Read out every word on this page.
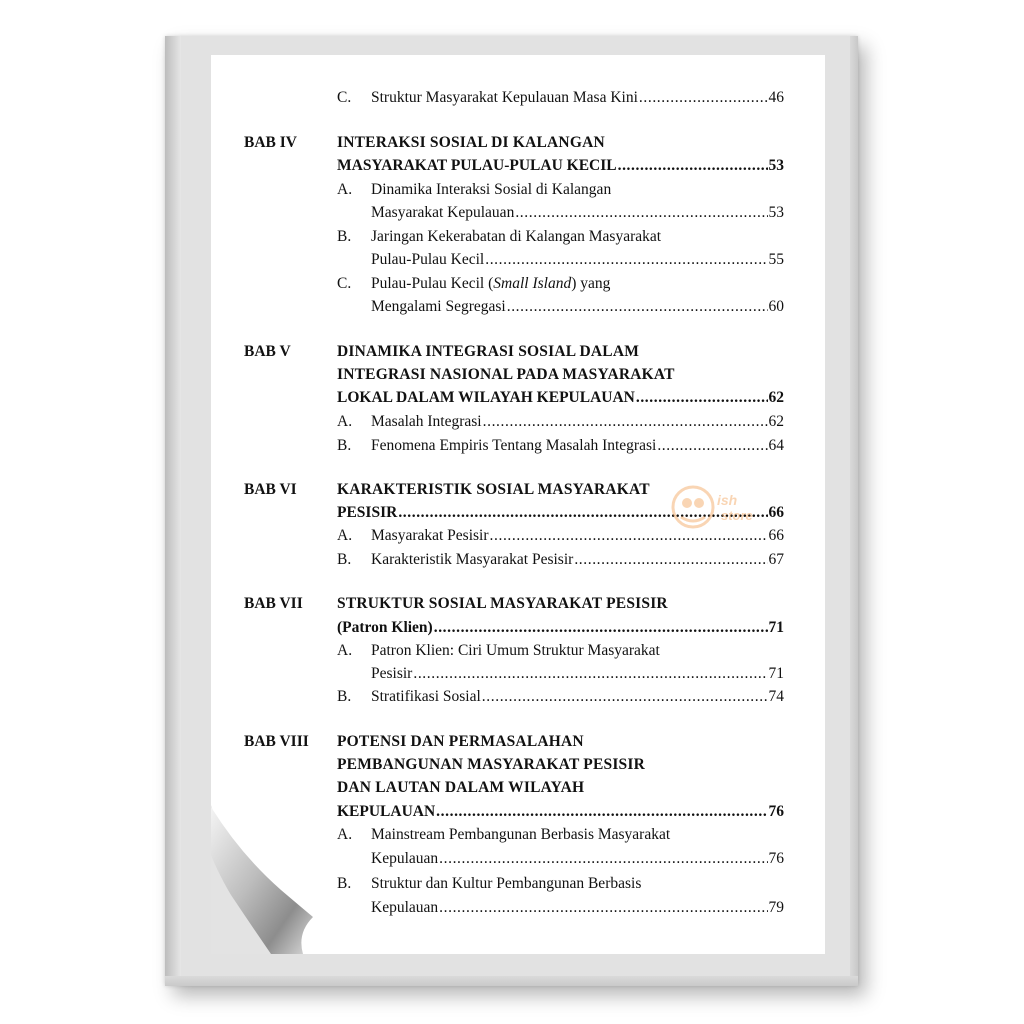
C.	Struktur Masyarakat Kepulauan Masa Kini .....	46
BAB IV	INTERAKSI SOSIAL DI KALANGAN
MASYARAKAT PULAU-PULAU KECIL .....	53
A.	Dinamika Interaksi Sosial di Kalangan
Masyarakat Kepulauan .....	53
B.	Jaringan Kekerabatan di Kalangan Masyarakat
Pulau-Pulau Kecil .....	55
C.	Pulau-Pulau Kecil (Small Island) yang
Mengalami Segregasi .....	60
BAB V	DINAMIKA INTEGRASI SOSIAL DALAM
INTEGRASI NASIONAL PADA MASYARAKAT
LOKAL DALAM WILAYAH KEPULAUAN .....	62
A.	Masalah Integrasi .....	62
B.	Fenomena Empiris Tentang Masalah Integrasi .....	64
BAB VI	KARAKTERISTIK SOSIAL MASYARAKAT
PESISIR .....	66
A.	Masyarakat Pesisir .....	66
B.	Karakteristik Masyarakat Pesisir .....	67
BAB VII STRUKTUR SOSIAL MASYARAKAT PESISIR
(Patron Klien) .....	71
A.	Patron Klien: Ciri Umum Struktur Masyarakat
Pesisir .....	71
B.	Stratifikasi Sosial .....	74
BAB VIII POTENSI DAN PERMASALAHAN
PEMBANGUNAN MASYARAKAT PESISIR
DAN LAUTAN DALAM WILAYAH
KEPULAUAN .....	76
A.	Mainstream Pembangunan Berbasis Masyarakat
Kepulauan .....	76
B.	Struktur dan Kultur Pembangunan Berbasis
Kepulauan .....	79
ish
store
